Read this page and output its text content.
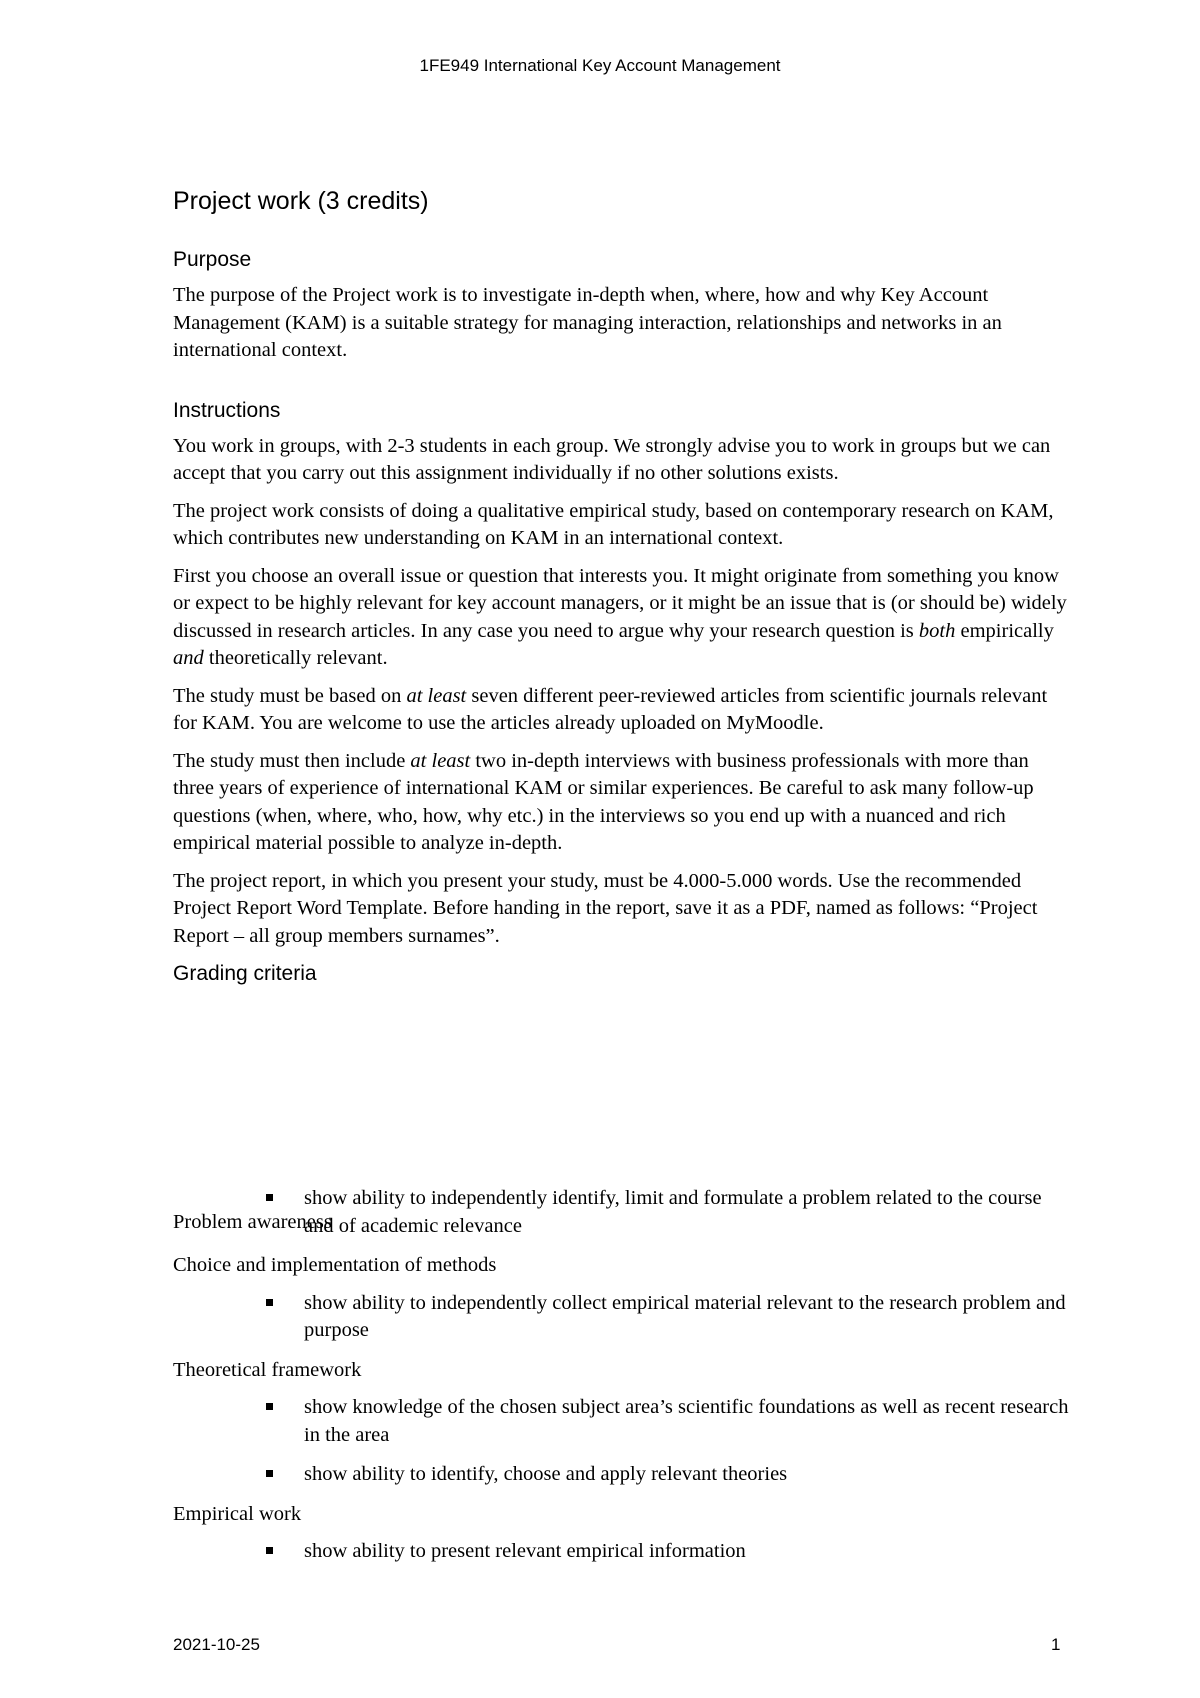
1FE949 International Key Account Management
Project work (3 credits)
Purpose

The purpose of the Project work is to investigate in-depth when, where, how and why Key Account Management (KAM) is a suitable strategy for managing interaction, relationships and networks in an international context.

Instructions

You work in groups, with 2-3 students in each group. We strongly advise you to work in groups but we can accept that you carry out this assignment individually if no other solutions exists.

The project work consists of doing a qualitative empirical study, based on contemporary research on KAM, which contributes new understanding on KAM in an international context.

First you choose an overall issue or question that interests you. It might originate from something you know or expect to be highly relevant for key account managers, or it might be an issue that is (or should be) widely discussed in research articles. In any case you need to argue why your research question is both empirically and theoretically relevant.

The study must be based on at least seven different peer-reviewed articles from scientific journals relevant for KAM. You are welcome to use the articles already uploaded on MyMoodle.

The study must then include at least two in-depth interviews with business professionals with more than three years of experience of international KAM or similar experiences. Be careful to ask many follow-up questions (when, where, who, how, why etc.) in the interviews so you end up with a nuanced and rich empirical material possible to analyze in-depth.

The project report, in which you present your study, must be 4.000-5.000 words. Use the recommended Project Report Word Template. Before handing in the report, save it as a PDF, named as follows: “Project Report – all group members surnames”.

Grading criteria
show ability to independently identify, limit and formulate a problem related to the course and of academic relevance
Problem awareness
Choice and implementation of methods
show ability to independently collect empirical material relevant to the research problem and purpose
Theoretical framework
show knowledge of the chosen subject area’s scientific foundations as well as recent research in the area
show ability to identify, choose and apply relevant theories
Empirical work
show ability to present relevant empirical information
2021-10-25	1
